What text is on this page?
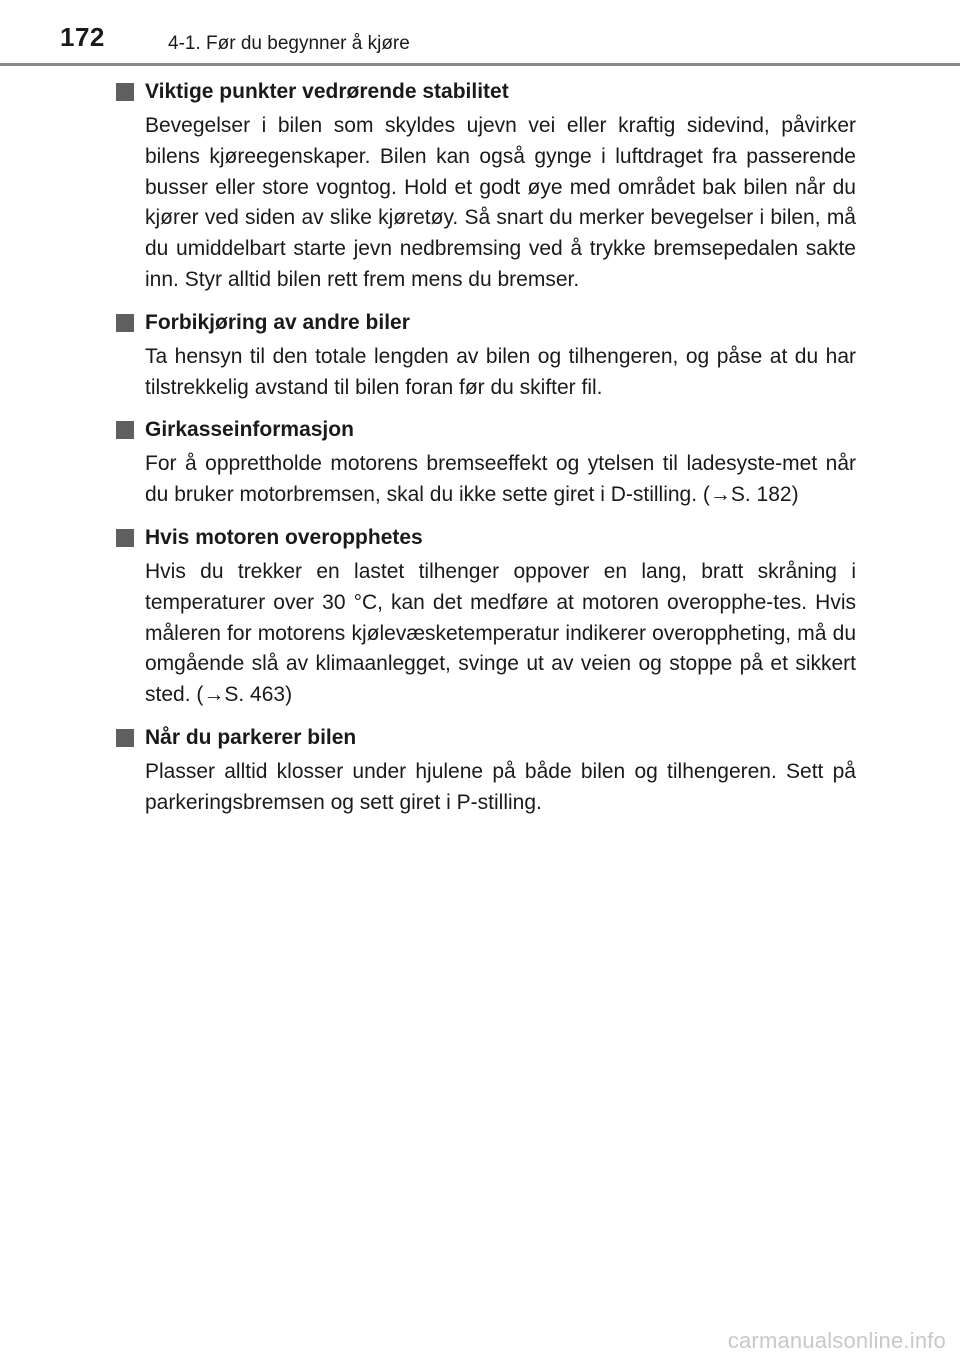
172	4-1. Før du begynner å kjøre
Viktige punkter vedrørende stabilitet

Bevegelser i bilen som skyldes ujevn vei eller kraftig sidevind, påvirker bilens kjøreegenskaper. Bilen kan også gynge i luftdraget fra passerende busser eller store vogntog. Hold et godt øye med området bak bilen når du kjører ved siden av slike kjøretøy. Så snart du merker bevegelser i bilen, må du umiddelbart starte jevn nedbremsing ved å trykke bremsepedalen sakte inn. Styr alltid bilen rett frem mens du bremser.

Forbikjøring av andre biler

Ta hensyn til den totale lengden av bilen og tilhengeren, og påse at du har tilstrekkelig avstand til bilen foran før du skifter fil.

Girkasseinformasjon

For å opprettholde motorens bremseeffekt og ytelsen til ladesyste-met når du bruker motorbremsen, skal du ikke sette giret i D-stilling. (→S. 182)

Hvis motoren overopphetes

Hvis du trekker en lastet tilhenger oppover en lang, bratt skråning i temperaturer over 30 °C, kan det medføre at motoren overopphe-tes. Hvis måleren for motorens kjølevæsketemperatur indikerer overoppheting, må du omgående slå av klimaanlegget, svinge ut av veien og stoppe på et sikkert sted. (→S. 463)

Når du parkerer bilen

Plasser alltid klosser under hjulene på både bilen og tilhengeren. Sett på parkeringsbremsen og sett giret i P-stilling.

carmanualsonline.info
